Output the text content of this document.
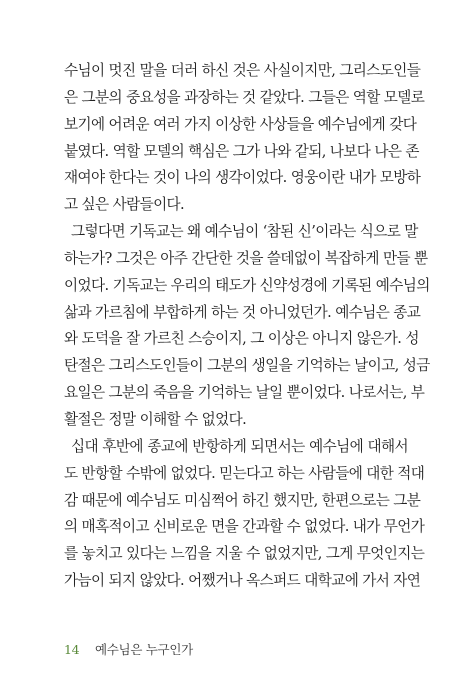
수님이 멋진 말을 더러 하신 것은 사실이지만, 그리스도인들
은 그분의 중요성을 과장하는 것 같았다. 그들은 역할 모델로
보기에 어려운 여러 가지 이상한 사상들을 예수님에게 갖다
붙였다. 역할 모델의 핵심은 그가 나와 같되, 나보다 나은 존
재여야 한다는 것이 나의 생각이었다. 영웅이란 내가 모방하
고 싶은 사람들이다.
그렇다면 기독교는 왜 예수님이 ‘참된 신’이라는 식으로 말
하는가? 그것은 아주 간단한 것을 쓸데없이 복잡하게 만들 뿐
이었다. 기독교는 우리의 태도가 신약성경에 기록된 예수님의
삶과 가르침에 부합하게 하는 것 아니었던가. 예수님은 종교
와 도덕을 잘 가르친 스승이지, 그 이상은 아니지 않은가. 성
탄절은 그리스도인들이 그분의 생일을 기억하는 날이고, 성금
요일은 그분의 죽음을 기억하는 날일 뿐이었다. 나로서는, 부
활절은 정말 이해할 수 없었다.
십대 후반에 종교에 반항하게 되면서는 예수님에 대해서
도 반항할 수밖에 없었다. 믿는다고 하는 사람들에 대한 적대
감 때문에 예수님도 미심쩍어 하긴 했지만, 한편으로는 그분
의 매혹적이고 신비로운 면을 간과할 수 없었다. 내가 무언가
를 놓치고 있다는 느낌을 지울 수 없었지만, 그게 무엇인지는
가늠이 되지 않았다. 어쨌거나 옥스퍼드 대학교에 가서 자연
14 예수님은 누구인가
